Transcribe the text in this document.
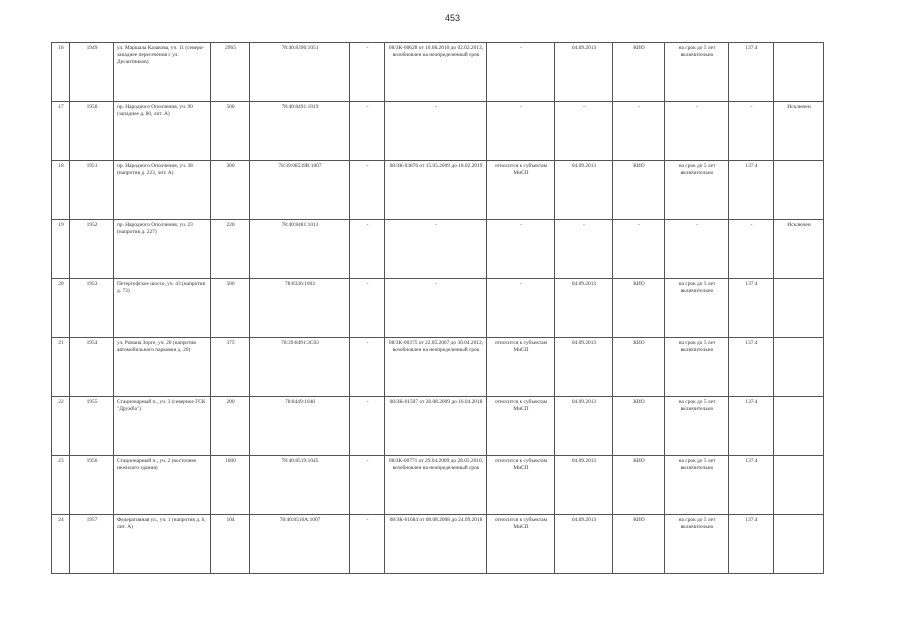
453
16	1949	ул. Маршала Казакова, уч. 11 (северо-западнее пересечения с ул. Десантников)	2965	78:40:8396:1051	-	08/ЗК-00628 от 10.08.2010 до 02.02.2013, возобновлен на неопределенный срок	-	04.09.2013	КИО	на срок до 5 лет включительно	137.4	
17	1950	пр. Народного Ополчения, уч. 90 (западнее д. 80, лит. А)	500	78:40:8491:1019	-	-	-	-	-	-	-	Исключен
18	1951	пр. Народного Ополчения, уч. 38 (напротив д. 223, лит. А)	300	78:39:08539В:1007	-	08/ЗК-03876 от 15.05.2009 до 18.02.2019	относится к субъектам МиСП	04.09.2013	КИО	на срок до 5 лет включительно	137.4	
19	1952	пр. Народного Ополчения, уч. 23 (напротив д. 227)	220	78:40:8481:1013	-	-	-	-	-	-	-	Исключен
20	1953	Петергофское шоссе, уч. 43 (напротив д. 73)	500	78:8336:1003	-	-	-	04.09.2013	КИО	на срок до 5 лет включительно	137.4	
21	1954	ул. Романа Зорге, уч. 20 (напротив автомобильного парковки д. 20)	375	78:39:8491:3С03	-	08/ЗК-00375 от 22.05.2007 до 30.04.2012, возобновлен на неопределенный срок	относится к субъектам МиСП	04.09.2013	КИО	на срок до 5 лет включительно	137.4	
22	1955	Стационарный п., уч. 3 (северное ГСК "Дружба")	200	78:8449:1048	-	08/ЗК-01507 от 28.08.2009 до 16.04.2018	относится к субъектам МиСП	04.09.2013	КИО	на срок до 5 лет включительно	137.4	
23	1956	Стационарный п., уч. 2 (восточнее нежилого здания)	1000	78:40:8519:1045	-	08/ЗК-00771 от 29.04.2009 до 28.05.2010, возобновлен на неопределенный срок	относится к субъектам МиСП	04.09.2013	КИО	на срок до 5 лет включительно	137.4	
24	1957	Федеративная ул., уч. 1 (напротив д. 6, лит. А)	104	78:40:8516А:1007	-	08/ЗК-01684 от 08.08.2008 до 24.09.2018	относится к субъектам МиСП	04.09.2013	КИО	на срок до 5 лет включительно	137.4	
